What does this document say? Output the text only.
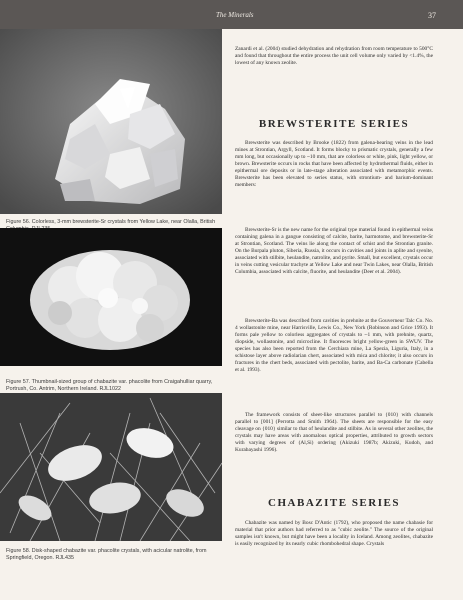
The Minerals	37
Figure 56. Colorless, 3-mm brewsterite-Sr crystals from Yellow Lake, near Olalla, British
Figure 57. Thumbnail-sized group of chabazite var. phacolite from Craigahulliar quarry, Portrush, Co. Antrim, Northern Ireland. RJL1022
Figure 58. Disk-shaped chabazite var. phacolite crystals, with acicular natrolite, from Springfield, Oregon. RJL435

Zanardi et al. (2004) studied dehydration and rehydration from room temperature to 500°C and found that throughout the entire process the unit cell volume only varied by <1.4%, the lowest of any known zeolite.

BREWSTERITE SERIES

Brewsterite was described by Brooke (1822) from galena-bearing veins in the lead mines at Strontian, Argyll, Scotland. It forms blocky to prismatic crystals, generally a few mm long, but occasionally up to ~10 mm, that are colorless or white, pink, light yellow, or brown. Brewsterite occurs in rocks that have been affected by hydrothermal fluids, either in epithermal ore deposits or in late-stage alteration associated with metamorphic events. Brewsterite has been elevated to series status, with strontium- and barium-dominant members:

Brewsterite-Sr is the new name for the original type material found in epithermal veins containing galena in a gangue consisting of calcite, barite, harmotome, and brewsterite-Sr at Strontian, Scotland. The veins lie along the contact of schist and the Strontian granite. On the Burpala pluton, Siberia, Russia, it occurs in cavities and joints in aplite and syenite, associated with stilbite, heulandite, natrolite, and pyrite. Small, but excellent, crystals occur in veins cutting vesicular trachyte at Yellow Lake and near Twin Lakes, near Olalla, British Columbia, associated with calcite, fluorite, and heulandite (Deer et al. 2004).

Brewsterite-Ba was described from cavities in prehnite at the Gouverneur Talc Co. No. 4 wollastonite mine, near Harrisville, Lewis Co., New York (Robinson and Grice 1993). It forms pale yellow to colorless aggregates of crystals to ~1 mm, with prehnite, quartz, diopside, wollastonite, and microcline. It fluoresces bright yellow-green in SWUV. The species has also been reported from the Cerchiara mine, La Spezia, Liguria, Italy, in a schistose layer above radiolarian chert, associated with mica and chlorite; it also occurs in fractures in the chert beds, associated with pectolite, barite, and Ba-Ca carbonate (Cabella et al. 1993).

The framework consists of sheet-like structures parallel to {010} with channels parallel to [001] (Perrotta and Smith 1964). The sheets are responsible for the easy cleavage on {010} similar to that of heulandite and stilbite. As in several other zeolites, the crystals may have areas with anomalous optical properties, attributed to growth sectors with varying degrees of (Al,Si) ordering (Akizuki 1987b; Akizuki, Kudoh, and Kurabayashi 1996).

CHABAZITE SERIES

Chabazite was named by Bosc D'Antic (1792), who proposed the name chabasie for material that prior authors had referred to as "cubic zeolite." The source of the original samples isn't known, but might have been a locality in Iceland. Among zeolites, chabazite is easily recognized by its nearly cubic rhombohedral shape. Crystals
